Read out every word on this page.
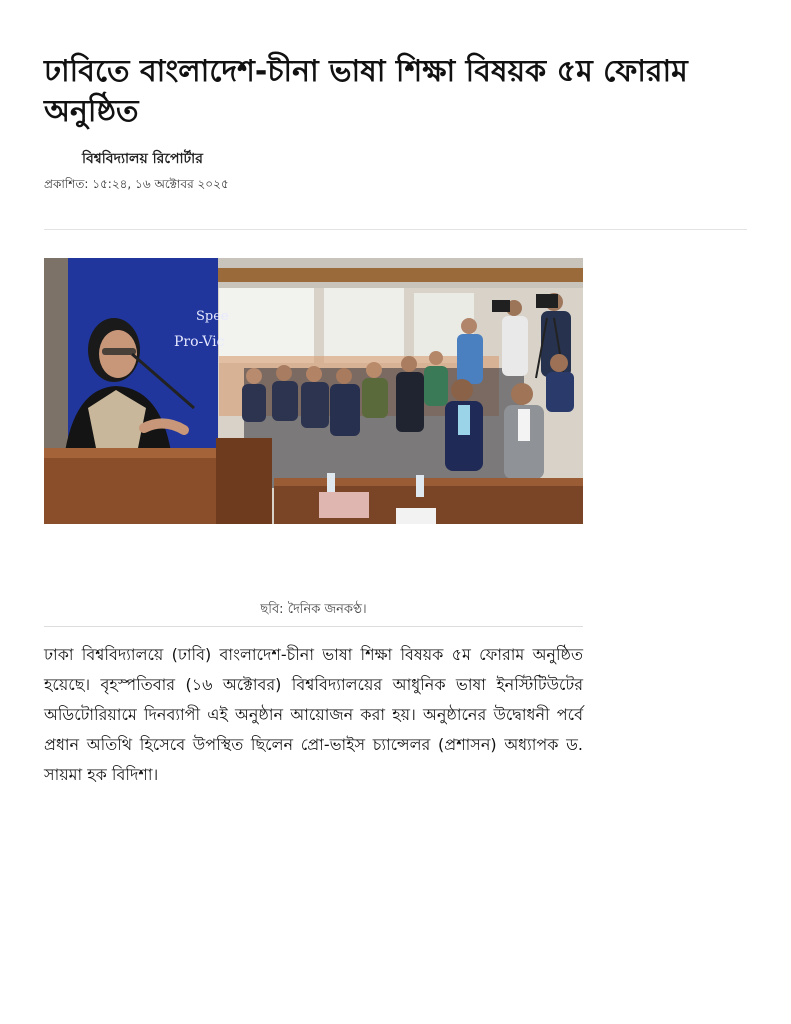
ঢাবিতে বাংলাদেশ-চীনা ভাষা শিক্ষা বিষয়ক ৫ম ফোরাম অনুষ্ঠিত
বিশ্ববিদ্যালয় রিপোর্টার
প্রকাশিত: ১৫:২৪, ১৬ অক্টোবর ২০২৫
Spee
Pro-Vic
ছবি: দৈনিক জনকণ্ঠ।

ঢাকা বিশ্ববিদ্যালয়ে (ঢাবি) বাংলাদেশ-চীনা ভাষা শিক্ষা বিষয়ক ৫ম ফোরাম অনুষ্ঠিত হয়েছে। বৃহস্পতিবার (১৬ অক্টোবর) বিশ্ববিদ্যালয়ের আধুনিক ভাষা ইনস্টিটিউটের অডিটোরিয়ামে দিনব্যাপী এই অনুষ্ঠান আয়োজন করা হয়। অনুষ্ঠানের উদ্বোধনী পর্বে প্রধান অতিথি হিসেবে উপস্থিত ছিলেন প্রো-ভাইস চ্যান্সেলর (প্রশাসন) অধ্যাপক ড. সায়মা হক বিদিশা।
